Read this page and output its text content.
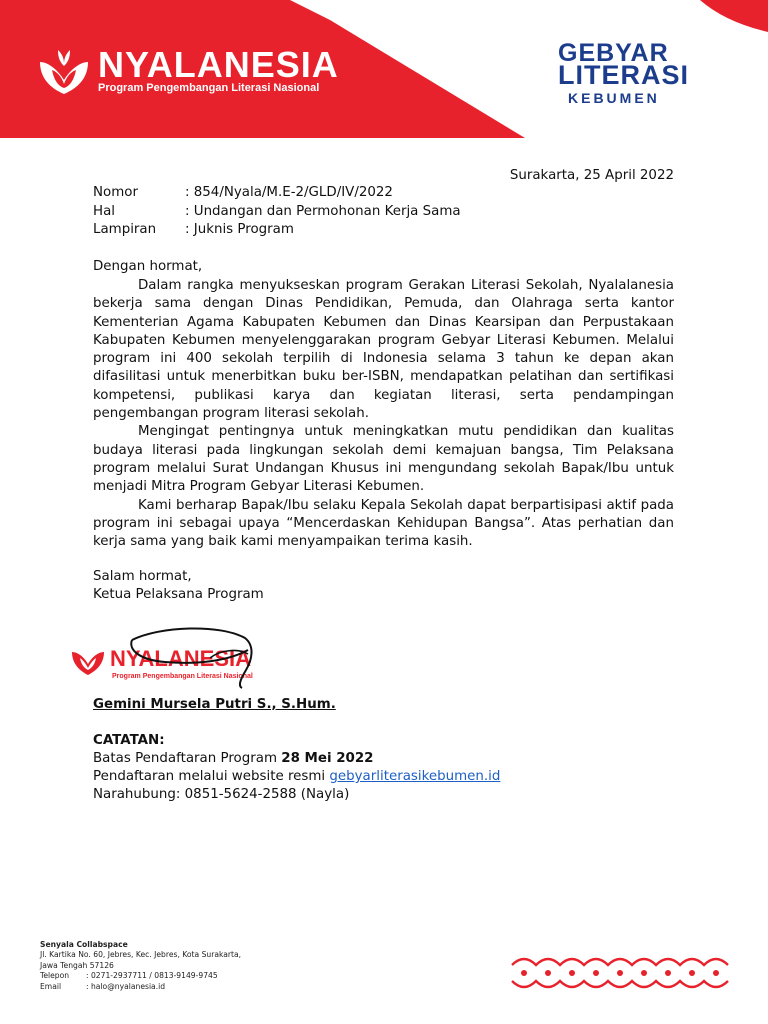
NYALANESIA

Program Pengembangan Literasi Nasional

GEBYAR

LITERASI

KEBUMEN

Surakarta, 25 April 2022
Nomor	: 854/Nyala/M.E-2/GLD/IV/2022
Hal	: Undangan dan Permohonan Kerja Sama
Lampiran : Juknis Program
Dengan hormat,

Dalam rangka menyukseskan program Gerakan Literasi Sekolah, Nyalalanesia bekerja sama dengan Dinas Pendidikan, Pemuda, dan Olahraga serta kantor Kementerian Agama Kabupaten Kebumen dan Dinas Kearsipan dan Perpustakaan Kabupaten Kebumen menyelenggarakan program Gebyar Literasi Kebumen. Melalui program ini 400 sekolah terpilih di Indonesia selama 3 tahun ke depan akan difasilitasi untuk menerbitkan buku ber-ISBN, mendapatkan pelatihan dan sertifikasi kompetensi, publikasi karya dan kegiatan literasi, serta pendampingan pengembangan program literasi sekolah.

Mengingat pentingnya untuk meningkatkan mutu pendidikan dan kualitas budaya literasi pada lingkungan sekolah demi kemajuan bangsa, Tim Pelaksana program melalui Surat Undangan Khusus ini mengundang sekolah Bapak/Ibu untuk menjadi Mitra Program Gebyar Literasi Kebumen.

Kami berharap Bapak/Ibu selaku Kepala Sekolah dapat berpartisipasi aktif pada program ini sebagai upaya “Mencerdaskan Kehidupan Bangsa”. Atas perhatian dan kerja sama yang baik kami menyampaikan terima kasih.

Salam hormat,
Ketua Pelaksana Program
NYALANESIA
Program Pengembangan Literasi Nasional
Gemini Mursela Putri S., S.Hum.
CATATAN:
Batas Pendaftaran Program 28 Mei 2022
Pendaftaran melalui website resmi gebyarliterasikebumen.id
Narahubung: 0851-5624-2588 (Nayla)
Senyala Collabspace
Jl. Kartika No. 60, Jebres, Kec. Jebres, Kota Surakarta,
Jawa Tengah 57126
Telepon : 0271-2937711 / 0813-9149-9745
Email	: halo@nyalanesia.id
